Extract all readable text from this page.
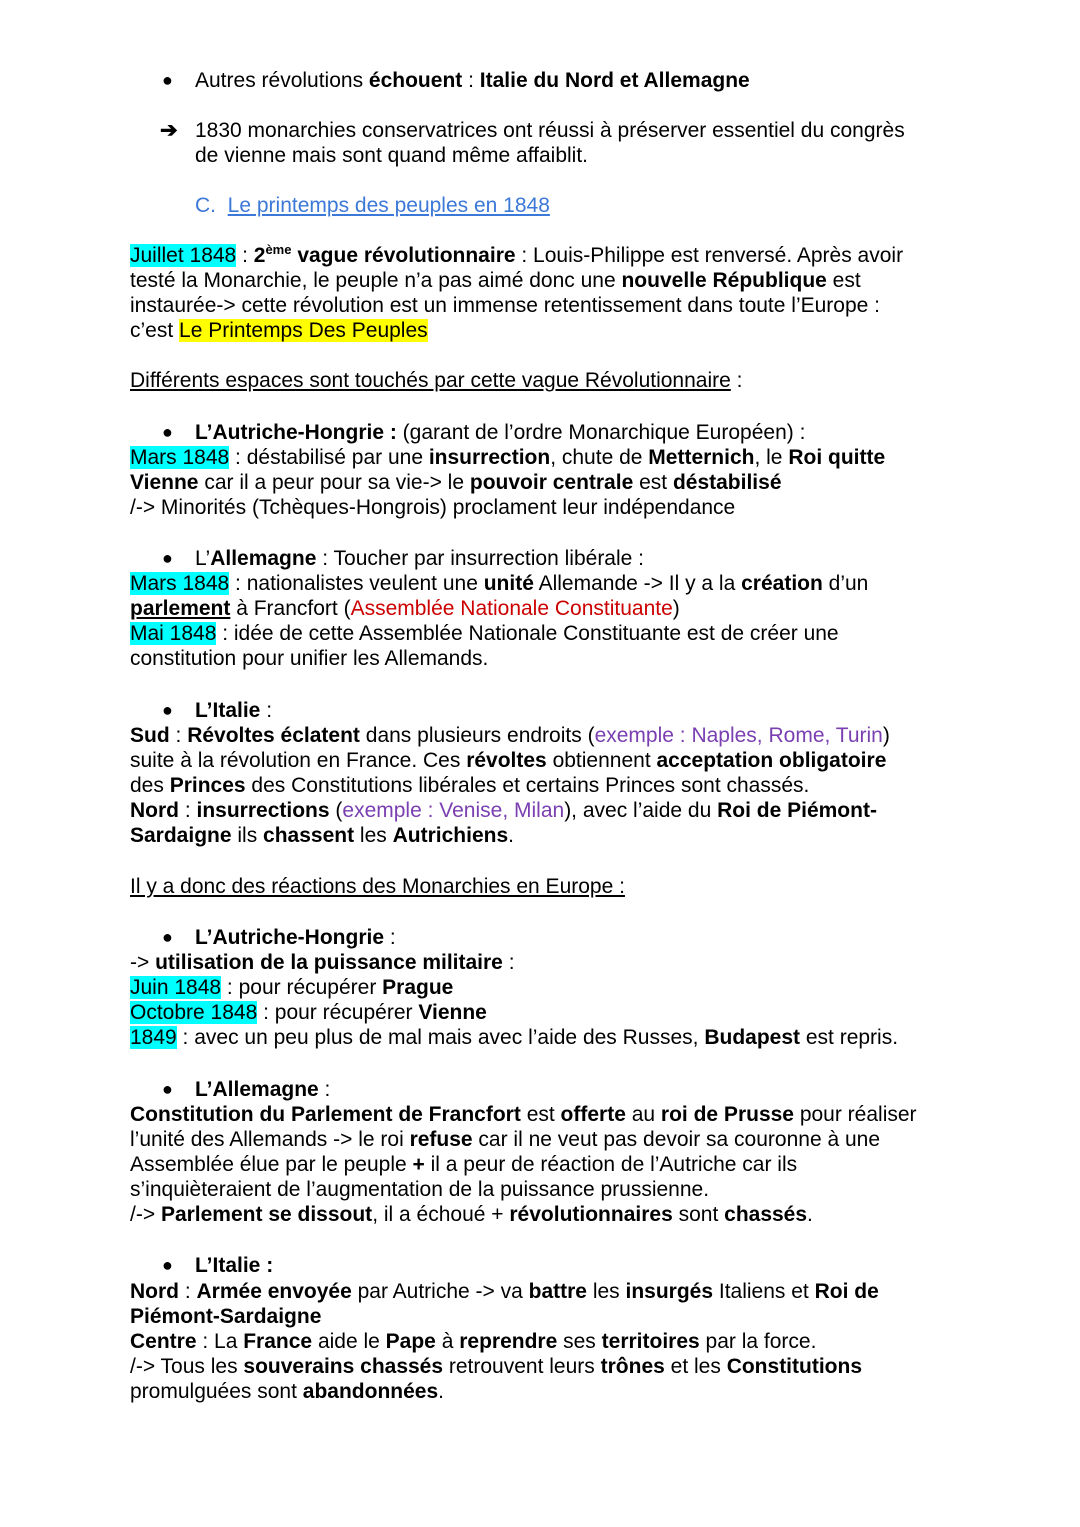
● Autres révolutions échouent : Italie du Nord et Allemagne
➔ 1830 monarchies conservatrices ont réussi à préserver essentiel du congrès
de vienne mais sont quand même affaiblit.
C. Le printemps des peuples en 1848
Juillet 1848 : 2ème vague révolutionnaire : Louis-Philippe est renversé. Après avoir
testé la Monarchie, le peuple n’a pas aimé donc une nouvelle République est
instaurée-> cette révolution est un immense retentissement dans toute l’Europe :
c’est Le Printemps Des Peuples
Différents espaces sont touchés par cette vague Révolutionnaire :
● L’Autriche-Hongrie : (garant de l’ordre Monarchique Européen) :
Mars 1848 : déstabilisé par une insurrection, chute de Metternich, le Roi quitte
Vienne car il a peur pour sa vie-> le pouvoir centrale est déstabilisé
/-> Minorités (Tchèques-Hongrois) proclament leur indépendance
● L’Allemagne : Toucher par insurrection libérale :
Mars 1848 : nationalistes veulent une unité Allemande -> Il y a la création d’un
parlement à Francfort (Assemblée Nationale Constituante)
Mai 1848 : idée de cette Assemblée Nationale Constituante est de créer une
constitution pour unifier les Allemands.
● L’Italie :
Sud : Révoltes éclatent dans plusieurs endroits (exemple : Naples, Rome, Turin)
suite à la révolution en France. Ces révoltes obtiennent acceptation obligatoire
des Princes des Constitutions libérales et certains Princes sont chassés.
Nord : insurrections (exemple : Venise, Milan), avec l’aide du Roi de Piémont-
Sardaigne ils chassent les Autrichiens.
Il y a donc des réactions des Monarchies en Europe :
● L’Autriche-Hongrie :
-> utilisation de la puissance militaire :
Juin 1848 : pour récupérer Prague
Octobre 1848 : pour récupérer Vienne
1849 : avec un peu plus de mal mais avec l’aide des Russes, Budapest est repris.
● L’Allemagne :
Constitution du Parlement de Francfort est offerte au roi de Prusse pour réaliser
l’unité des Allemands -> le roi refuse car il ne veut pas devoir sa couronne à une
Assemblée élue par le peuple + il a peur de réaction de l’Autriche car ils
s’inquièteraient de l’augmentation de la puissance prussienne.
/-> Parlement se dissout, il a échoué + révolutionnaires sont chassés.
● L’Italie :
Nord : Armée envoyée par Autriche -> va battre les insurgés Italiens et Roi de
Piémont-Sardaigne
Centre : La France aide le Pape à reprendre ses territoires par la force.
/-> Tous les souverains chassés retrouvent leurs trônes et les Constitutions
promulguées sont abandonnées.
